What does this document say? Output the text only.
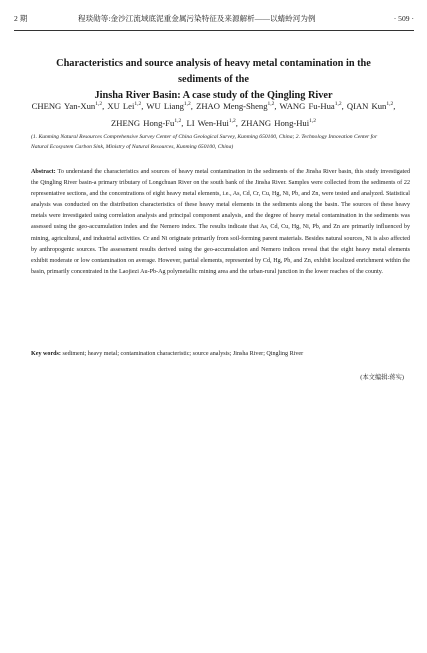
2 期	程琰勋等:金沙江流域底泥重金属污染特征及来源解析——以蜻蛉河为例	· 509 ·
Characteristics and source analysis of heavy metal contamination in the sediments of the
Jinsha River Basin: A case study of the Qingling River
CHENG Yan-Xun$^{1,2}$, XU Lei$^{1,2}$, WU Liang$^{1,2}$, ZHAO Meng-Sheng$^{1,2}$, WANG Fu-Hua$^{1,2}$, QIAN Kun$^{1,2}$,
ZHENG Hong-Fu$^{1,2}$, LI Wen-Hui$^{1,2}$, ZHANG Hong-Hui$^{1,2}$
(1. Kunming Natural Resources Comprehensive Survey Center of China Geological Survey, Kunming 650100, China; 2. Technology Innovation Center for
Natural Ecosystem Carbon Sink, Ministry of Natural Resources, Kunming 650100, China)
Abstract: To understand the characteristics and sources of heavy metal contamination in the sediments of the Jinsha River basin, this study investigated the Qingling River basin-a primary tributary of Longchuan River on the south bank of the Jinsha River. Samples were collected from the sediments of 22 representative sections, and the concentrations of eight heavy metal elements, i.e., As, Cd, Cr, Cu, Hg, Ni, Pb, and Zn, were tested and analyzed. Statistical analysis was conducted on the distribution characteristics of these heavy metal elements in the sediments along the basin. The sources of these heavy metals were investigated using correlation analysis and principal component analysis, and the degree of heavy metal contamination in the sediments was assessed using the geo-accumulation index and the Nemero index. The results indicate that As, Cd, Cu, Hg, Ni, Pb, and Zn are primarily influenced by mining, agricultural, and industrial activities. Cr and Ni originate primarily from soil-forming parent materials. Besides natural sources, Ni is also affected by anthropogenic sources. The assessment results derived using the geo-accumulation and Nemero indices reveal that the eight heavy metal elements exhibit moderate or low contamination on average. However, partial elements, represented by Cd, Hg, Pb, and Zn, exhibit localized enrichment within the basin, primarily concentrated in the Laojiezi Au-Pb-Ag polymetallic mining area and the urban-rural junction in the lower reaches of the county.
Key words: sediment; heavy metal; contamination characteristic; source analysis; Jinsha River; Qingling River
(本文编辑:蒋实)
